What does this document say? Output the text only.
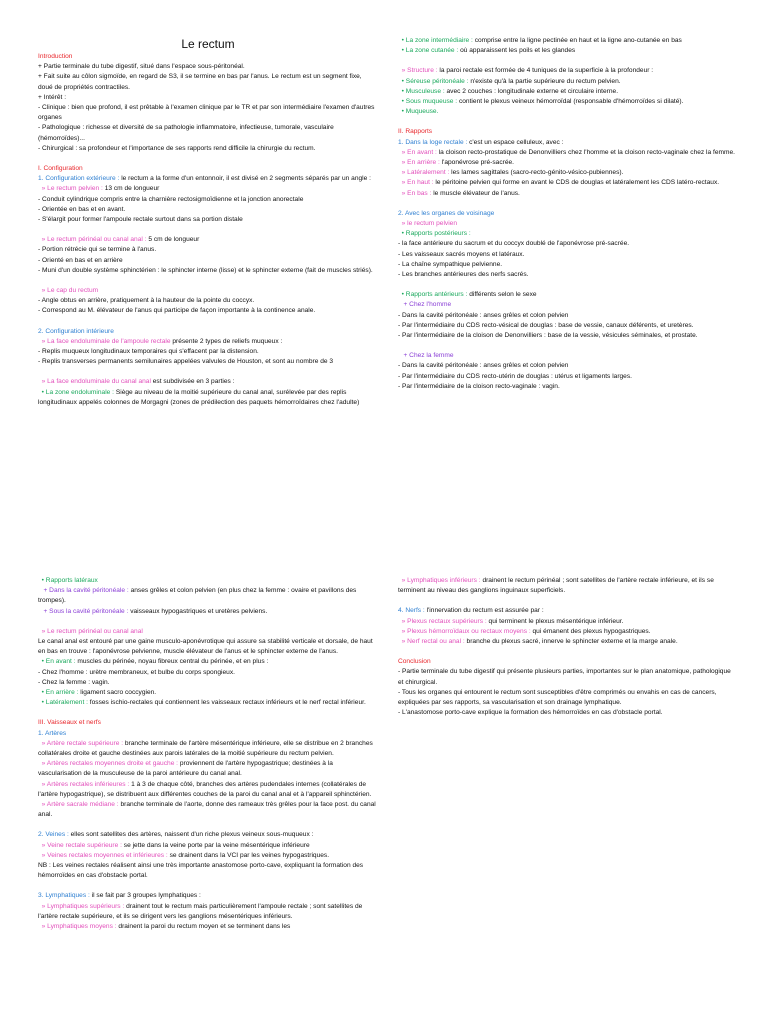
Le rectum

Introduction

+ Partie terminale du tube digestif, situé dans l'espace sous-péritonéal.

+ Fait suite au côlon sigmoïde, en regard de S3, il se termine en bas par l'anus. Le rectum est un segment fixe, doué de propriétés contractiles.

+ Intérêt :

- Clinique : bien que profond, il est prêtable à l'examen clinique par le TR et par son intermédiaire l'examen d'autres organes

- Pathologique : richesse et diversité de sa pathologie inflammatoire, infectieuse, tumorale, vasculaire (hémorroïdes)...

- Chirurgical : sa profondeur et l'importance de ses rapports rend difficile la chirurgie du rectum.

I. Configuration

1. Configuration extérieure : le rectum a la forme d'un entonnoir, il est divisé en 2 segments séparés par un angle :

» Le rectum pelvien : 13 cm de longueur

- Conduit cylindrique compris entre la charnière rectosigmoïdienne et la jonction anorectale

- Orientée en bas et en avant.

- S'élargit pour former l'ampoule rectale surtout dans sa portion distale

» Le rectum périnéal ou canal anal : 5 cm de longueur

- Portion rétrécie qui se termine à l'anus.

- Orienté en bas et en arrière

- Muni d'un double système sphinctérien : le sphincter interne (lisse) et le sphincter externe (fait de muscles striés).

» Le cap du rectum

- Angle obtus en arrière, pratiquement à la hauteur de la pointe du coccyx.

- Correspond au M. élévateur de l'anus qui participe de façon importante à la continence anale.

2. Configuration intérieure

» La face endoluminale de l'ampoule rectale présente 2 types de reliefs muqueux :

- Replis muqueux longitudinaux temporaires qui s'effacent par la distension.

- Replis transverses permanents semilunaires appelées valvules de Houston, et sont au nombre de 3

» La face endoluminale du canal anal est subdivisée en 3 parties :

• La zone endoluminale : Siège au niveau de la moitié supérieure du canal anal, surélevée par des replis longitudinaux appelés colonnes de Morgagni (zones de prédilection des paquets hémorroïdaires chez l'adulte)

• La zone intermédiaire : comprise entre la ligne pectinée en haut et la ligne ano-cutanée en bas

• La zone cutanée : où apparaissent les poils et les glandes

» Structure : la paroi rectale est formée de 4 tuniques de la superficie à la profondeur :

• Séreuse péritonéale : n'existe qu'à la partie supérieure du rectum pelvien.

• Musculeuse : avec 2 couches : longitudinale externe et circulaire interne.

• Sous muqueuse : contient le plexus veineux hémorroïdal (responsable d'hémorroïdes si dilaté).

• Muqueuse.

II. Rapports

1. Dans la loge rectale : c'est un espace celluleux, avec :

» En avant : la cloison recto-prostatique de Denonvilliers chez l'homme et la cloison recto-vaginale chez la femme.

» En arrière : l'aponévrose pré-sacrée.

» Latéralement : les lames sagittales (sacro-recto-génito-vésico-pubiennes).

» En haut : le péritoine pelvien qui forme en avant le CDS de douglas et latéralement les CDS latéro-rectaux.

» En bas : le muscle élévateur de l'anus.

2. Avec les organes de voisinage

» le rectum pelvien

• Rapports postérieurs :

- la face antérieure du sacrum et du coccyx doublé de l'aponévrose pré-sacrée.

- Les vaisseaux sacrés moyens et latéraux.

- La chaîne sympathique pelvienne.

- Les branches antérieures des nerfs sacrés.

• Rapports antérieurs : différents selon le sexe

+ Chez l'homme

- Dans la cavité péritonéale : anses grêles et colon pelvien

- Par l'intermédiaire du CDS recto-vésical de douglas : base de vessie, canaux déférents, et uretères.

- Par l'intermédiaire de la cloison de Denonvilliers : base de la vessie, vésicules séminales, et prostate.

+ Chez la femme

- Dans la cavité péritonéale : anses grêles et colon pelvien

- Par l'intermédiaire du CDS recto-utérin de douglas : utérus et ligaments larges.

- Par l'intermédiaire de la cloison recto-vaginale : vagin.

• Rapports latéraux

+ Dans la cavité péritonéale : anses grêles et colon pelvien (en plus chez la femme : ovaire et pavillons des trompes).

+ Sous la cavité péritonéale : vaisseaux hypogastriques et uretères pelviens.

» Le rectum périnéal ou canal anal

Le canal anal est entouré par une gaine musculo-aponévrotique qui assure sa stabilité verticale et dorsale, de haut en bas en trouve : l'aponévrose pelvienne, muscle élévateur de l'anus et le sphincter externe de l'anus.

• En avant : muscles du périnée, noyau fibreux central du périnée, et en plus :

- Chez l'homme : urètre membraneux, et bulbe du corps spongieux.

- Chez la femme : vagin.

• En arrière : ligament sacro coccygien.

• Latéralement : fosses ischio-rectales qui contiennent les vaisseaux rectaux inférieurs et le nerf rectal inférieur.

III. Vaisseaux et nerfs

1. Artères

» Artère rectale supérieure : branche terminale de l'artère mésentérique inférieure, elle se distribue en 2 branches collatérales droite et gauche destinées aux parois latérales de la moitié supérieure du rectum pelvien.

» Artères rectales moyennes droite et gauche : proviennent de l'artère hypogastrique; destinées à la vascularisation de la musculeuse de la paroi antérieure du canal anal.

» Artères rectales inférieures : 1 à 3 de chaque côté, branches des artères pudendales internes (collatérales de l'artère hypogastrique), se distribuent aux différentes couches de la paroi du canal anal et à l'appareil sphinctérien.

» Artère sacrale médiane : branche terminale de l'aorte, donne des rameaux très grêles pour la face post. du canal anal.

2. Veines : elles sont satellites des artères, naissent d'un riche plexus veineux sous-muqueux :

» Veine rectale supérieure : se jette dans la veine porte par la veine mésentérique inférieure

» Veines rectales moyennes et inférieures : se drainent dans la VCI par les veines hypogastriques.

NB : Les veines rectales réalisent ainsi une très importante anastomose porto-cave, expliquant la formation des hémorroïdes en cas d'obstacle portal.

3. Lymphatiques : il se fait par 3 groupes lymphatiques :

» Lymphatiques supérieurs : drainent tout le rectum mais particulièrement l'ampoule rectale ; sont satellites de l'artère rectale supérieure, et ils se dirigent vers les ganglions mésentériques inférieurs.

» Lymphatiques moyens : drainent la paroi du rectum moyen et se terminent dans les

» Lymphatiques inférieurs : drainent le rectum périnéal ; sont satellites de l'artère rectale inférieure, et ils se terminent au niveau des ganglions inguinaux superficiels.

4. Nerfs : l'innervation du rectum est assurée par :

» Plexus rectaux supérieurs : qui terminent le plexus mésentérique inférieur.

» Plexus hémorroïdaux ou rectaux moyens : qui émanent des plexus hypogastriques.

» Nerf rectal ou anal : branche du plexus sacré, innerve le sphincter externe et la marge anale.

Conclusion

- Partie terminale du tube digestif qui présente plusieurs parties, importantes sur le plan anatomique, pathologique et chirurgical.

- Tous les organes qui entourent le rectum sont susceptibles d'être comprimés ou envahis en cas de cancers, expliquées par ses rapports, sa vascularisation et son drainage lymphatique.

- L'anastomose porto-cave explique la formation des hémorroïdes en cas d'obstacle portal.
